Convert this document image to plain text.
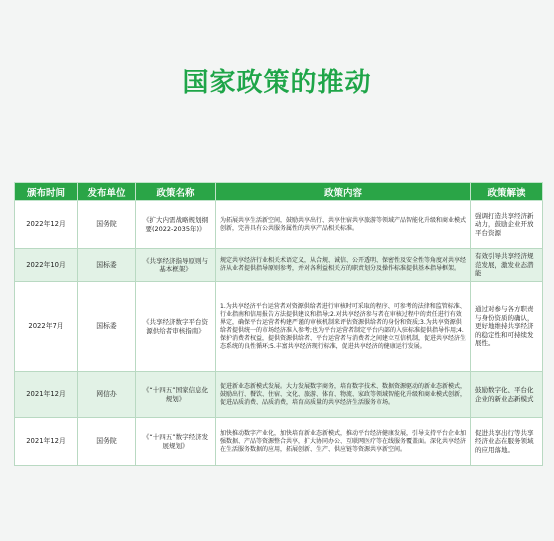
国家政策的推动
颁布时间	发布单位	政策名称	政策内容	政策解读
2022年12月	国务院	《扩大内需战略规划纲要(2022-2035年)》	为拓展共享生活新空间，鼓励共享出行、共享住宿共享旅游等领域产品智能化升级和商业模式创新，完善具有公共服务属性的共享产品相关标准。	强调打造共享经济新动力，鼓励企业开放平台资源
2022年10月	国标委	《共享经济指导原则与基本框架》	规定共享经济行业相关术语定义，从合规、诚信、公开透明、保密性及安全性等角度对共享经济从业者提供指导原则参考，并对各利益相关方的职责划分及操作标准提供基本指导框架。	有效引导共享经济规范发展，激发业态潜能
2022年7月	国标委	《共享经济数字平台资源供给者审核指南》	1.为共享经济平台运营者对资源供给者进行审核时可采取的程序、可参考的法律和监管标准、行业指南和信用报告方法提供建议和指导;2.对共享经济参与者在审核过程中的责任进行有效界定，确保平台运营者构建严谨的审核机制来评估资源供给者的身份和资质;3.为共享资源供给者提供统一的市场经济准入参考;也为平台运营者制定平台内部的入驻标准提供指导作用;4.保护消费者权益，提供资源供给者、平台运营者与消费者之间建立互信机制，促进共享经济生态系统的良性循环;5.丰富共享经济现行标准，促进共享经济的健康运行发展。	通过对参与各方职责与身份资质的确认，更好地维持共享经济的稳定性和可持续发展性。
2021年12月	网信办	《“十四五”国家信息化规划》	促进新业态新模式发展。大力发展数字商务，培育数字技术、数据资源驱动的新业态新模式，鼓励出行、餐饮、住宿、文化、旅游、体育、物流、家政等领域智能化升级和商业模式创新，促进品质消费、品质消费，培育高质量的共享经济生活服务市场。	鼓励数字化、平台化企业的新业态新模式
2021年12月	国务院	《“十四五”数字经济发展规划》	加快推动数字产业化，加快培育新业态新模式，推动平台经济健康发展，引导支持平台企业加强数据、产品等资源整合共享，扩大协同办公、互联网医疗等在线服务覆盖面。深化共享经济在生活服务数据的应用，拓展创新、生产、供应链等资源共享新空间。	促进共享出行等共享经济业态在服务领域的应用落地。
